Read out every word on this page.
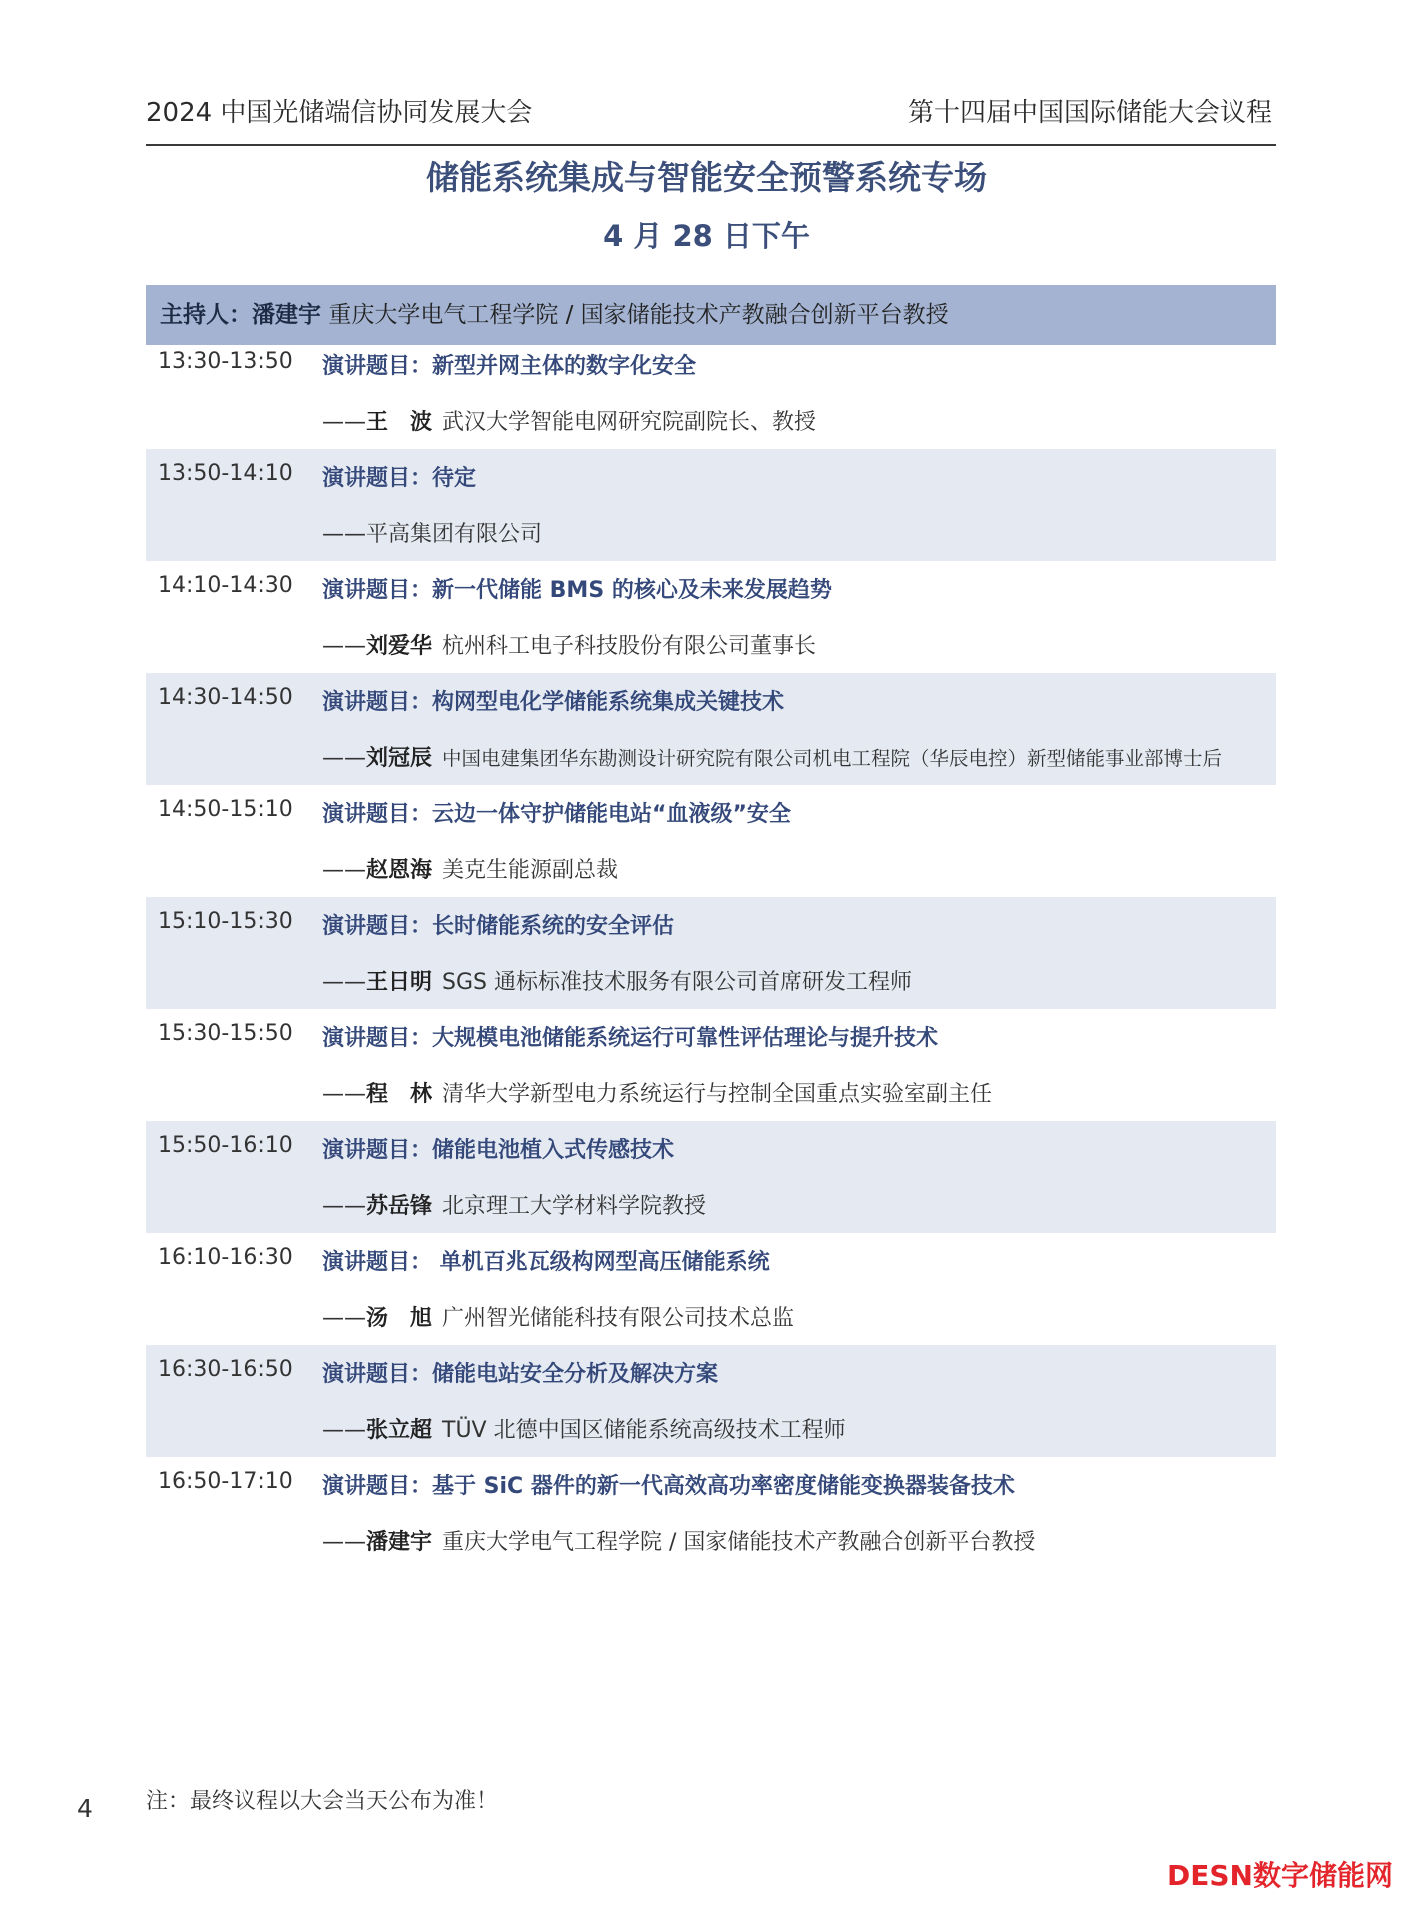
2024 中国光储端信协同发展大会	第十四届中国国际储能大会议程
储能系统集成与智能安全预警系统专场
4 月 28 日下午
主持人：潘建宇 重庆大学电气工程学院 / 国家储能技术产教融合创新平台教授
13:30-13:50 演讲题目：新型并网主体的数字化安全
——王　波 武汉大学智能电网研究院副院长、教授
13:50-14:10 演讲题目：待定
——平高集团有限公司
14:10-14:30 演讲题目：新一代储能 BMS 的核心及未来发展趋势
——刘爱华 杭州科工电子科技股份有限公司董事长
14:30-14:50 演讲题目：构网型电化学储能系统集成关键技术
——刘冠辰 中国电建集团华东勘测设计研究院有限公司机电工程院（华辰电控）新型储能事业部博士后
14:50-15:10 演讲题目：云边一体守护储能电站“血液级”安全
——赵恩海 美克生能源副总裁
15:10-15:30 演讲题目：长时储能系统的安全评估
——王日明 SGS 通标标准技术服务有限公司首席研发工程师
15:30-15:50 演讲题目：大规模电池储能系统运行可靠性评估理论与提升技术
——程　林 清华大学新型电力系统运行与控制全国重点实验室副主任
15:50-16:10 演讲题目：储能电池植入式传感技术
——苏岳锋 北京理工大学材料学院教授
16:10-16:30 演讲题目： 单机百兆瓦级构网型高压储能系统
——汤　旭 广州智光储能科技有限公司技术总监
16:30-16:50 演讲题目：储能电站安全分析及解决方案
——张立超 TÜV 北德中国区储能系统高级技术工程师
16:50-17:10 演讲题目：基于 SiC 器件的新一代高效高功率密度储能变换器装备技术
——潘建宇 重庆大学电气工程学院 / 国家储能技术产教融合创新平台教授
4 注：最终议程以大会当天公布为准！
DESN数字储能网
